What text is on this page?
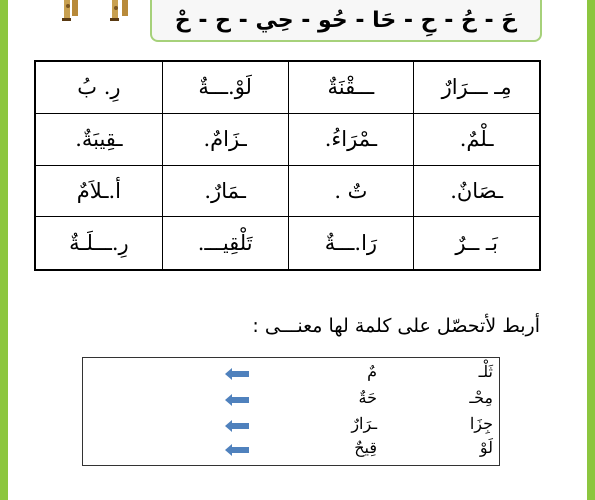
حَ - حُ - حِ - حَا - حُو - حِي - ح - حْ
مِـ ـــرَارٌ
ـــقْنَةٌ
لَوْ.ـــةٌ
رِ. بُ
ـلْمٌ.
ـمْرَاءُ.
ـزَامٌ.
ـقِيبَةٌ.
ـصَانٌ.
تٌ .
ـمَارٌ.
أ.ـلاَمٌ
بَـ ــرٌ
رَا.ـــةٌ
تَلْقِيـــ.
رِ.ـــلَـةٌ
أربط لأتحصّل على كلمة لها معنـــى :
ثَلْـ
مٌ
مِحْـ
حَةٌ
جِزَا
ـرَارٌ
لَوْ
قِيحٌ
